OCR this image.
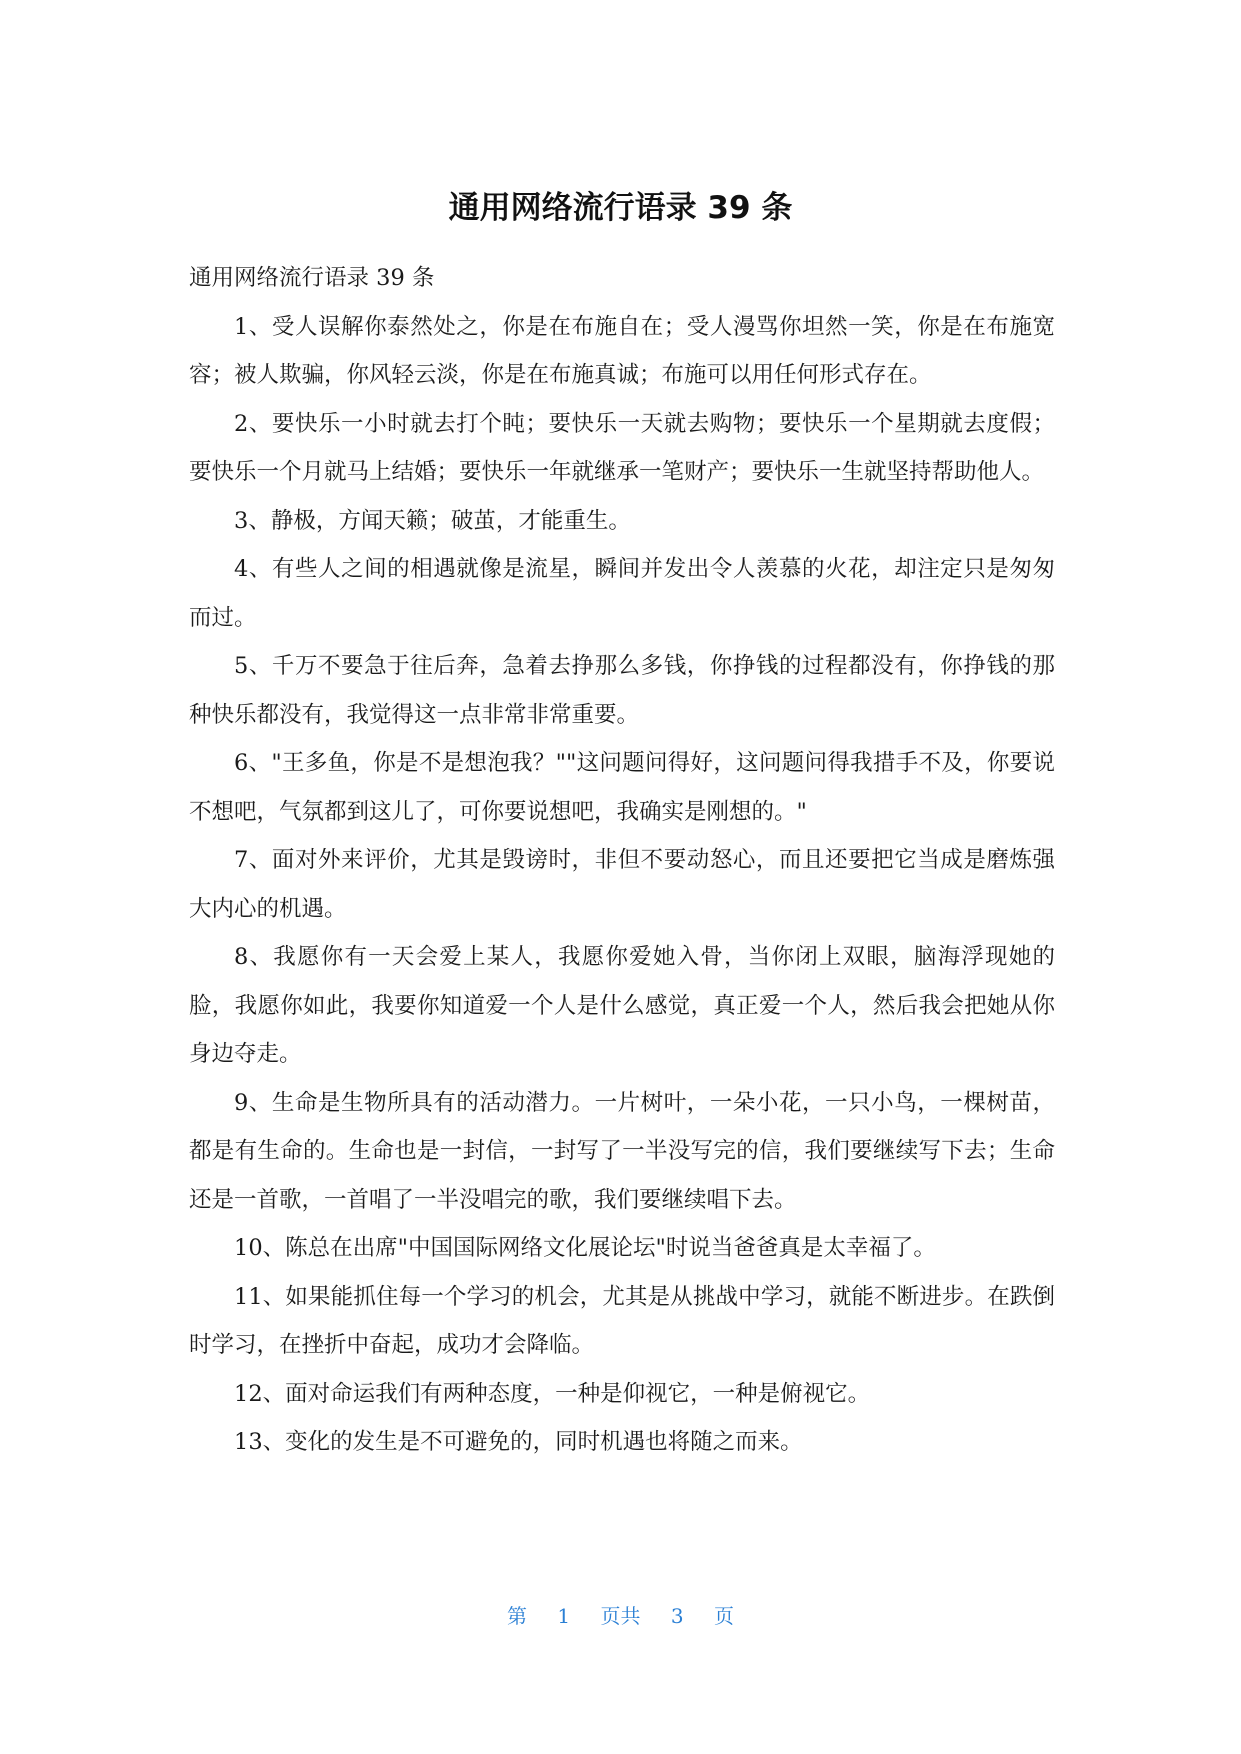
通用网络流行语录 39 条

通用网络流行语录 39 条

1、受人误解你泰然处之，你是在布施自在；受人漫骂你坦然一笑，你是在布施宽容；被人欺骗，你风轻云淡，你是在布施真诚；布施可以用任何形式存在。

2、要快乐一小时就去打个盹；要快乐一天就去购物；要快乐一个星期就去度假；要快乐一个月就马上结婚；要快乐一年就继承一笔财产；要快乐一生就坚持帮助他人。

3、静极，方闻天籁；破茧，才能重生。

4、有些人之间的相遇就像是流星，瞬间并发出令人羡慕的火花，却注定只是匆匆而过。

5、千万不要急于往后奔，急着去挣那么多钱，你挣钱的过程都没有，你挣钱的那种快乐都没有，我觉得这一点非常非常重要。

6、"王多鱼，你是不是想泡我？""这问题问得好，这问题问得我措手不及，你要说不想吧，气氛都到这儿了，可你要说想吧，我确实是刚想的。"

7、面对外来评价，尤其是毁谤时，非但不要动怒心，而且还要把它当成是磨炼强大内心的机遇。

8、我愿你有一天会爱上某人，我愿你爱她入骨，当你闭上双眼，脑海浮现她的脸，我愿你如此，我要你知道爱一个人是什么感觉，真正爱一个人，然后我会把她从你身边夺走。

9、生命是生物所具有的活动潜力。一片树叶，一朵小花，一只小鸟，一棵树苗，都是有生命的。生命也是一封信，一封写了一半没写完的信，我们要继续写下去；生命还是一首歌，一首唱了一半没唱完的歌，我们要继续唱下去。

10、陈总在出席"中国国际网络文化展论坛"时说当爸爸真是太幸福了。

11、如果能抓住每一个学习的机会，尤其是从挑战中学习，就能不断进步。在跌倒时学习，在挫折中奋起，成功才会降临。

12、面对命运我们有两种态度，一种是仰视它，一种是俯视它。

13、变化的发生是不可避免的，同时机遇也将随之而来。

第 1 页共 3 页
